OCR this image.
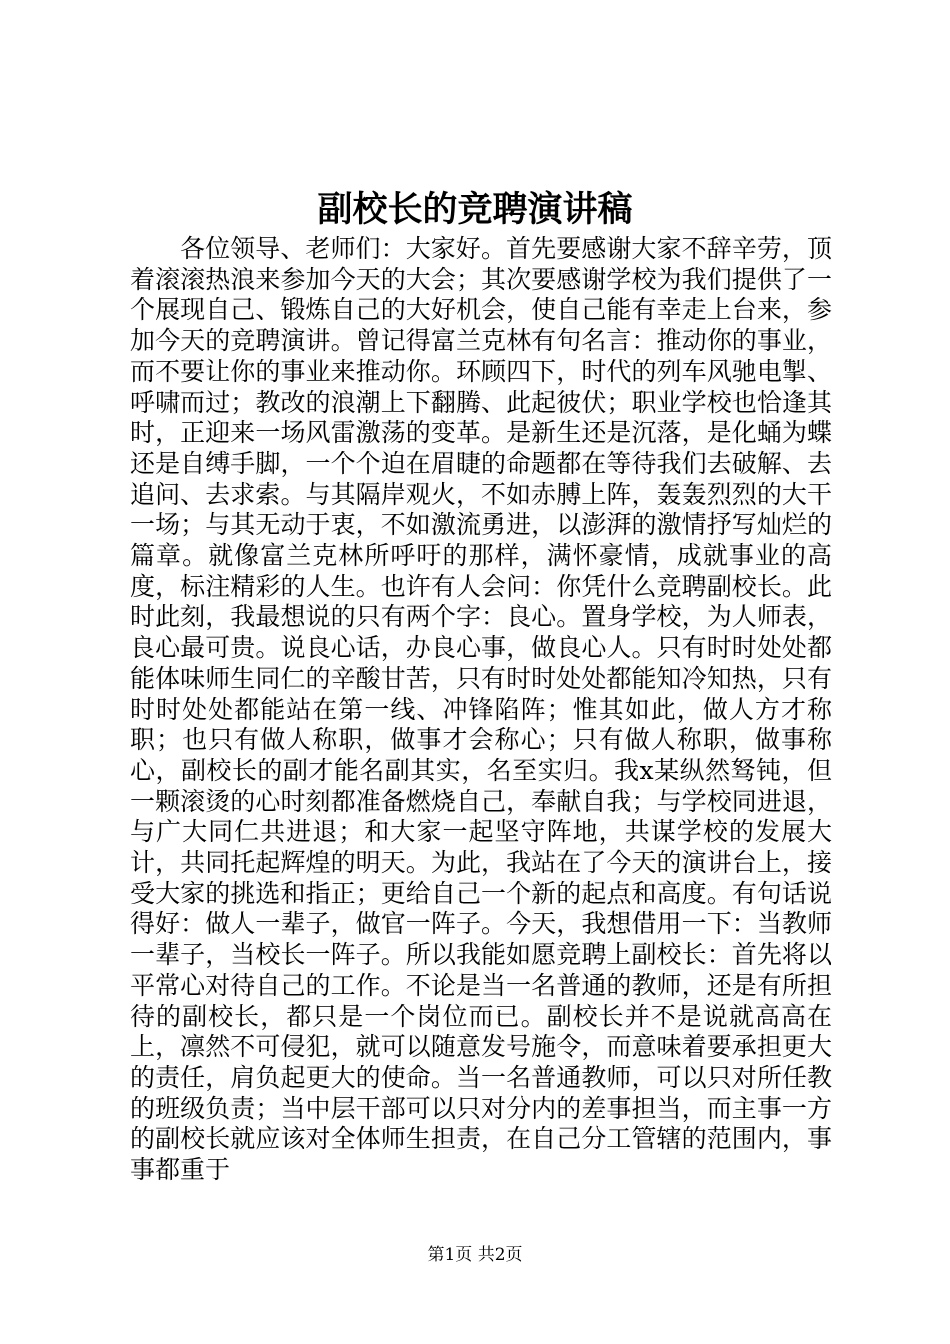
副校长的竞聘演讲稿

各位领导、老师们：大家好。首先要感谢大家不辞辛劳，顶着滚滚热浪来参加今天的大会；其次要感谢学校为我们提供了一个展现自己、锻炼自己的大好机会，使自己能有幸走上台来，参加今天的竞聘演讲。曾记得富兰克林有句名言：推动你的事业，而不要让你的事业来推动你。环顾四下，时代的列车风驰电掣、呼啸而过；教改的浪潮上下翻腾、此起彼伏；职业学校也恰逢其时，正迎来一场风雷激荡的变革。是新生还是沉落，是化蛹为蝶还是自缚手脚，一个个迫在眉睫的命题都在等待我们去破解、去追问、去求索。与其隔岸观火，不如赤膊上阵，轰轰烈烈的大干一场；与其无动于衷，不如激流勇进，以澎湃的激情抒写灿烂的篇章。就像富兰克林所呼吁的那样，满怀豪情，成就事业的高度，标注精彩的人生。也许有人会问：你凭什么竞聘副校长。此时此刻，我最想说的只有两个字：良心。置身学校，为人师表，良心最可贵。说良心话，办良心事，做良心人。只有时时处处都能体味师生同仁的辛酸甘苦，只有时时处处都能知冷知热，只有时时处处都能站在第一线、冲锋陷阵；惟其如此，做人方才称职；也只有做人称职，做事才会称心；只有做人称职，做事称心，副校长的副才能名副其实，名至实归。我x某纵然驽钝，但一颗滚烫的心时刻都准备燃烧自己，奉献自我；与学校同进退，与广大同仁共进退；和大家一起坚守阵地，共谋学校的发展大计，共同托起辉煌的明天。为此，我站在了今天的演讲台上，接受大家的挑选和指正；更给自己一个新的起点和高度。有句话说得好：做人一辈子，做官一阵子。今天，我想借用一下：当教师一辈子，当校长一阵子。所以我能如愿竞聘上副校长：首先将以平常心对待自己的工作。不论是当一名普通的教师，还是有所担待的副校长，都只是一个岗位而已。副校长并不是说就高高在上，凛然不可侵犯，就可以随意发号施令，而意味着要承担更大的责任，肩负起更大的使命。当一名普通教师，可以只对所任教的班级负责；当中层干部可以只对分内的差事担当，而主事一方的副校长就应该对全体师生担责，在自己分工管辖的范围内，事事都重于

第1页 共2页
